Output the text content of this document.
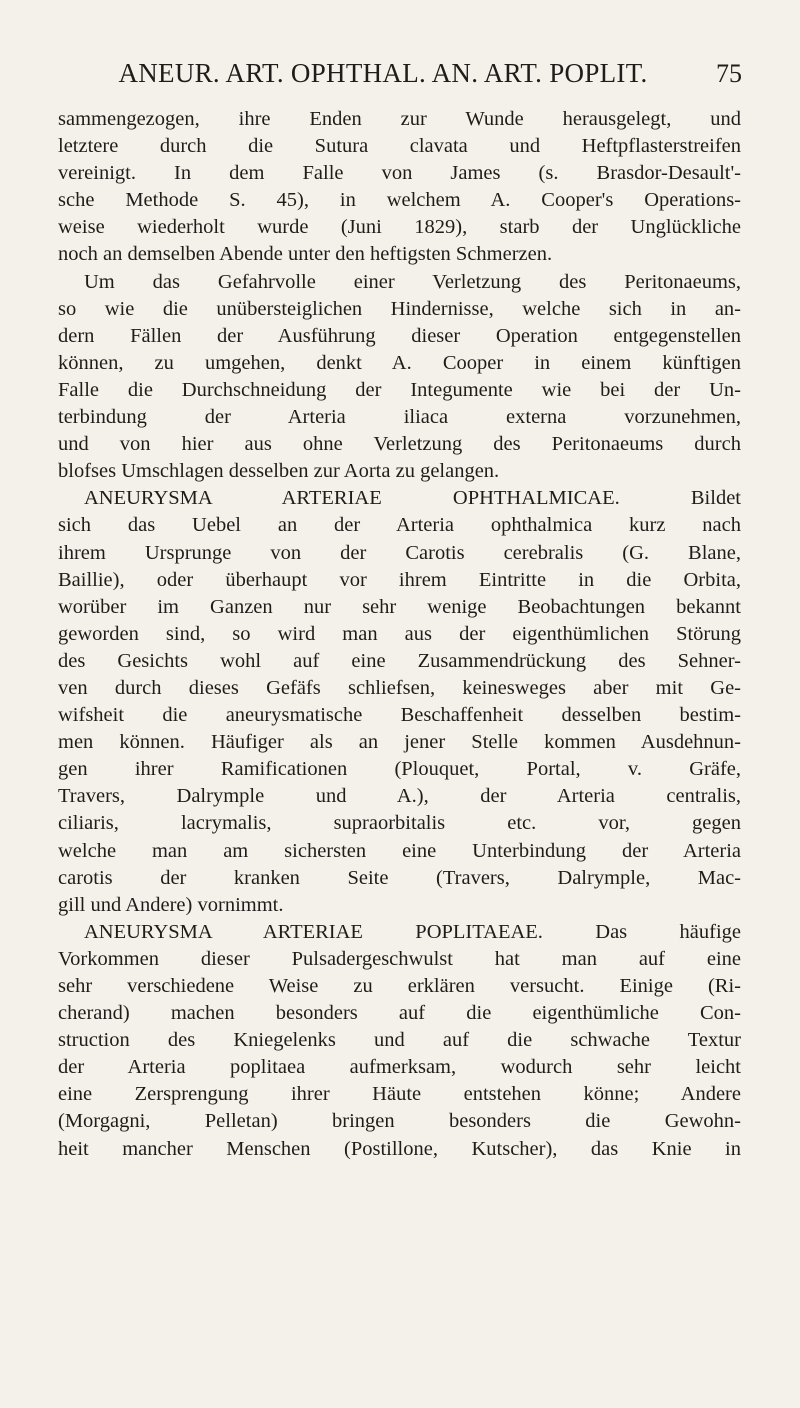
ANEUR. ART. OPHTHAL. AN. ART. POPLIT.	75
sammengezogen, ihre Enden zur Wunde herausgelegt, und
letztere durch die Sutura clavata und Heftpflasterstreifen
vereinigt. In dem Falle von James (s. Brasdor-Desault'-
sche Methode S. 45), in welchem A. Cooper's Operations-
weise wiederholt wurde (Juni 1829), starb der Unglückliche
noch an demselben Abende unter den heftigsten Schmerzen.
Um das Gefahrvolle einer Verletzung des Peritonaeums,
so wie die unübersteiglichen Hindernisse, welche sich in an-
dern Fällen der Ausführung dieser Operation entgegenstellen
können, zu umgehen, denkt A. Cooper in einem künftigen
Falle die Durchschneidung der Integumente wie bei der Un-
terbindung der Arteria iliaca externa vorzunehmen,
und von hier aus ohne Verletzung des Peritonaeums durch
blofses Umschlagen desselben zur Aorta zu gelangen.
ANEURYSMA ARTERIAE OPHTHALMICAE. Bildet
sich das Uebel an der Arteria ophthalmica kurz nach
ihrem Ursprunge von der Carotis cerebralis (G. Blane,
Baillie), oder überhaupt vor ihrem Eintritte in die Orbita,
worüber im Ganzen nur sehr wenige Beobachtungen bekannt
geworden sind, so wird man aus der eigenthümlichen Störung
des Gesichts wohl auf eine Zusammendrückung des Sehner-
ven durch dieses Gefäfs schliefsen, keinesweges aber mit Ge-
wifsheit die aneurysmatische Beschaffenheit desselben bestim-
men können. Häufiger als an jener Stelle kommen Ausdehnun-
gen ihrer Ramificationen (Plouquet, Portal, v. Gräfe,
Travers, Dalrymple und A.), der Arteria centralis,
ciliaris, lacrymalis, supraorbitalis etc. vor, gegen
welche man am sichersten eine Unterbindung der Arteria
carotis der kranken Seite (Travers, Dalrymple, Mac-
gill und Andere) vornimmt.
ANEURYSMA ARTERIAE POPLITAEAE. Das häufige
Vorkommen dieser Pulsadergeschwulst hat man auf eine
sehr verschiedene Weise zu erklären versucht. Einige (Ri-
cherand) machen besonders auf die eigenthümliche Con-
struction des Kniegelenks und auf die schwache Textur
der Arteria poplitaea aufmerksam, wodurch sehr leicht
eine Zersprengung ihrer Häute entstehen könne; Andere
(Morgagni, Pelletan) bringen besonders die Gewohn-
heit mancher Menschen (Postillone, Kutscher), das Knie in
